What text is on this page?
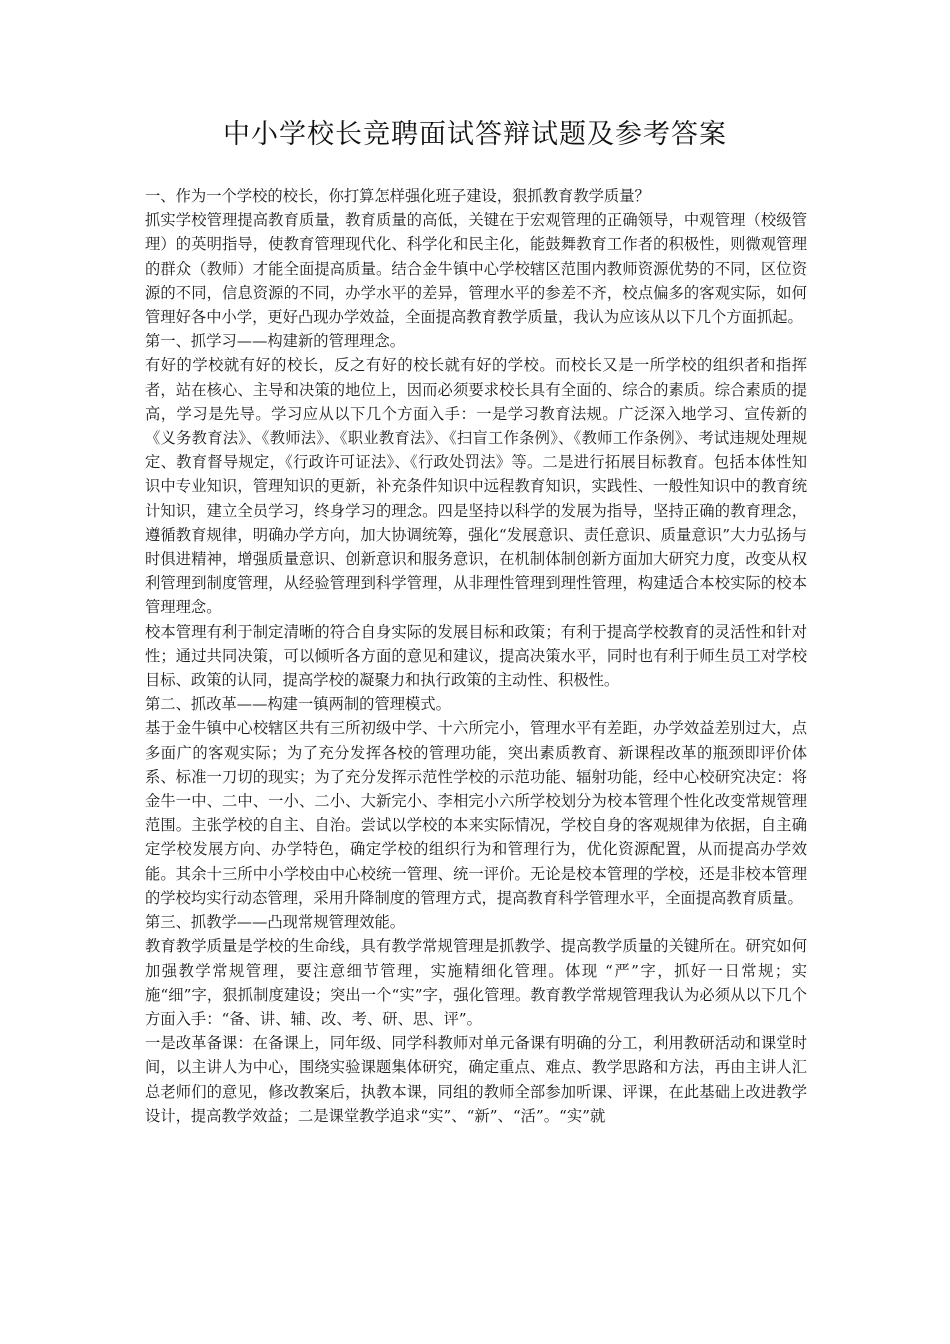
中小学校长竞聘面试答辩试题及参考答案

一、作为一个学校的校长，你打算怎样强化班子建设，狠抓教育教学质量？

抓实学校管理提高教育质量，教育质量的高低，关键在于宏观管理的正确领导，中观管理（校级管理）的英明指导，使教育管理现代化、科学化和民主化，能鼓舞教育工作者的积极性，则微观管理的群众（教师）才能全面提高质量。结合金牛镇中心学校辖区范围内教师资源优势的不同，区位资源的不同，信息资源的不同，办学水平的差异，管理水平的参差不齐，校点偏多的客观实际，如何管理好各中小学，更好凸现办学效益，全面提高教育教学质量，我认为应该从以下几个方面抓起。

第一、抓学习——构建新的管理理念。

有好的学校就有好的校长，反之有好的校长就有好的学校。而校长又是一所学校的组织者和指挥者，站在核心、主导和决策的地位上，因而必须要求校长具有全面的、综合的素质。综合素质的提高，学习是先导。学习应从以下几个方面入手：一是学习教育法规。广泛深入地学习、宣传新的《义务教育法》、《教师法》、《职业教育法》、《扫盲工作条例》、《教师工作条例》、考试违规处理规定、教育督导规定，《行政许可证法》、《行政处罚法》等。二是进行拓展目标教育。包括本体性知识中专业知识，管理知识的更新，补充条件知识中远程教育知识，实践性、一般性知识中的教育统计知识，建立全员学习，终身学习的理念。四是坚持以科学的发展为指导，坚持正确的教育理念，遵循教育规律，明确办学方向，加大协调统筹，强化“发展意识、责任意识、质量意识”大力弘扬与时俱进精神，增强质量意识、创新意识和服务意识，在机制体制创新方面加大研究力度，改变从权利管理到制度管理，从经验管理到科学管理，从非理性管理到理性管理，构建适合本校实际的校本管理理念。

校本管理有利于制定清晰的符合自身实际的发展目标和政策；有利于提高学校教育的灵活性和针对性；通过共同决策，可以倾听各方面的意见和建议，提高决策水平，同时也有利于师生员工对学校目标、政策的认同，提高学校的凝聚力和执行政策的主动性、积极性。

第二、抓改革——构建一镇两制的管理模式。

基于金牛镇中心校辖区共有三所初级中学、十六所完小，管理水平有差距，办学效益差别过大，点多面广的客观实际；为了充分发挥各校的管理功能，突出素质教育、新课程改革的瓶颈即评价体系、标准一刀切的现实；为了充分发挥示范性学校的示范功能、辐射功能，经中心校研究决定：将金牛一中、二中、一小、二小、大新完小、李相完小六所学校划分为校本管理个性化改变常规管理范围。主张学校的自主、自治。尝试以学校的本来实际情况，学校自身的客观规律为依据，自主确定学校发展方向、办学特色，确定学校的组织行为和管理行为，优化资源配置，从而提高办学效能。其余十三所中小学校由中心校统一管理、统一评价。无论是校本管理的学校，还是非校本管理的学校均实行动态管理，采用升降制度的管理方式，提高教育科学管理水平，全面提高教育质量。

第三、抓教学——凸现常规管理效能。

教育教学质量是学校的生命线，具有教学常规管理是抓教学、提高教学质量的关键所在。研究如何加强教学常规管理，要注意细节管理，实施精细化管理。体现 “严”字，抓好一日常规；实施“细”字，狠抓制度建设；突出一个“实”字，强化管理。教育教学常规管理我认为必须从以下几个方面入手：“备、讲、辅、改、考、研、思、评”。

一是改革备课：在备课上，同年级、同学科教师对单元备课有明确的分工，利用教研活动和课堂时间，以主讲人为中心，围绕实验课题集体研究，确定重点、难点、教学思路和方法，再由主讲人汇总老师们的意见，修改教案后，执教本课，同组的教师全部参加听课、评课，在此基础上改进教学设计，提高教学效益；二是课堂教学追求“实”、“新”、“活”。“实”就
